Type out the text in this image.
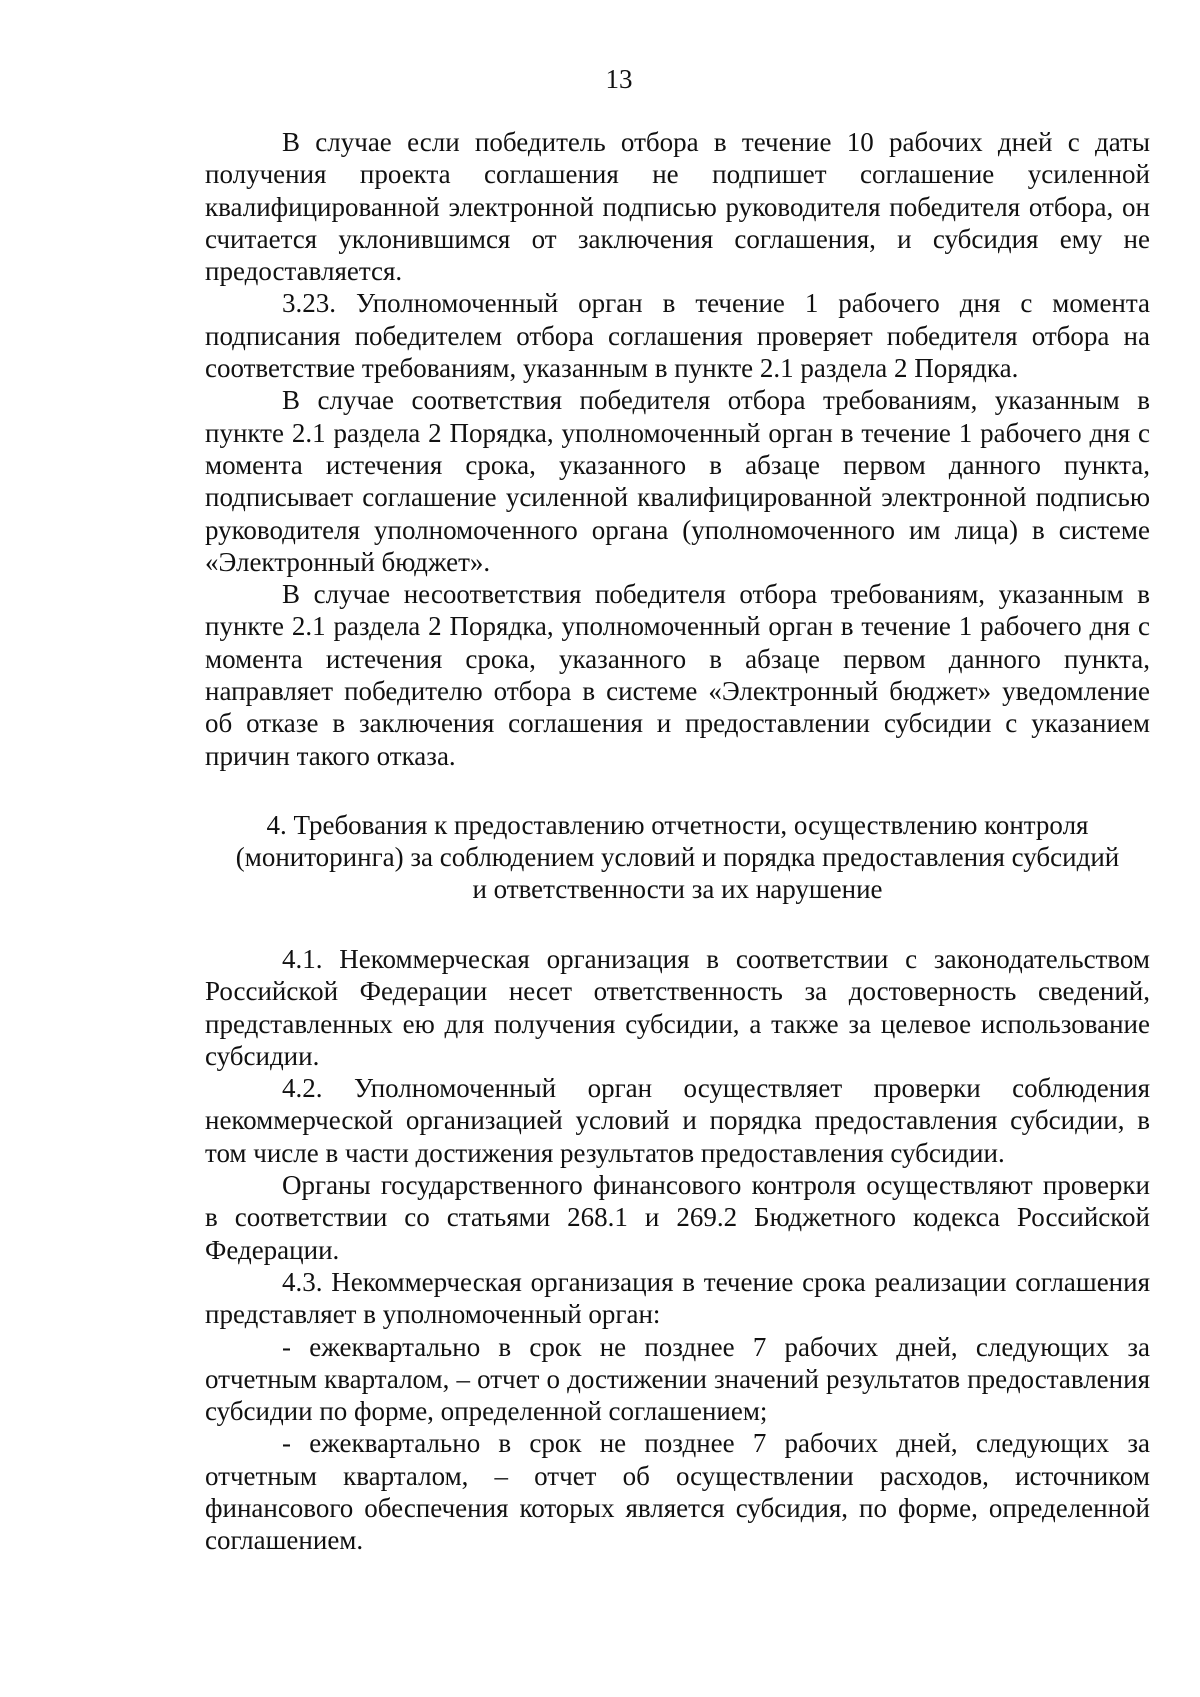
13

В случае если победитель отбора в течение 10 рабочих дней с даты получения проекта соглашения не подпишет соглашение усиленной квалифицированной электронной подписью руководителя победителя отбора, он считается уклонившимся от заключения соглашения, и субсидия ему не предоставляется.

3.23. Уполномоченный орган в течение 1 рабочего дня с момента подписания победителем отбора соглашения проверяет победителя отбора на соответствие требованиям, указанным в пункте 2.1 раздела 2 Порядка.

В случае соответствия победителя отбора требованиям, указанным в пункте 2.1 раздела 2 Порядка, уполномоченный орган в течение 1 рабочего дня с момента истечения срока, указанного в абзаце первом данного пункта, подписывает соглашение усиленной квалифицированной электронной подписью руководителя уполномоченного органа (уполномоченного им лица) в системе «Электронный бюджет».

В случае несоответствия победителя отбора требованиям, указанным в пункте 2.1 раздела 2 Порядка, уполномоченный орган в течение 1 рабочего дня с момента истечения срока, указанного в абзаце первом данного пункта, направляет победителю отбора в системе «Электронный бюджет» уведомление об отказе в заключения соглашения и предоставлении субсидии с указанием причин такого отказа.

4. Требования к предоставлению отчетности, осуществлению контроля
(мониторинга) за соблюдением условий и порядка предоставления субсидий
и ответственности за их нарушение

4.1. Некоммерческая организация в соответствии с законодательством Российской Федерации несет ответственность за достоверность сведений, представленных ею для получения субсидии, а также за целевое использование субсидии.

4.2. Уполномоченный орган осуществляет проверки соблюдения некоммерческой организацией условий и порядка предоставления субсидии, в том числе в части достижения результатов предоставления субсидии.

Органы государственного финансового контроля осуществляют проверки в соответствии со статьями 268.1 и 269.2 Бюджетного кодекса Российской Федерации.

4.3. Некоммерческая организация в течение срока реализации соглашения представляет в уполномоченный орган:

- ежеквартально в срок не позднее 7 рабочих дней, следующих за отчетным кварталом, – отчет о достижении значений результатов предоставления субсидии по форме, определенной соглашением;

- ежеквартально в срок не позднее 7 рабочих дней, следующих за отчетным кварталом, – отчет об осуществлении расходов, источником финансового обеспечения которых является субсидия, по форме, определенной соглашением.
